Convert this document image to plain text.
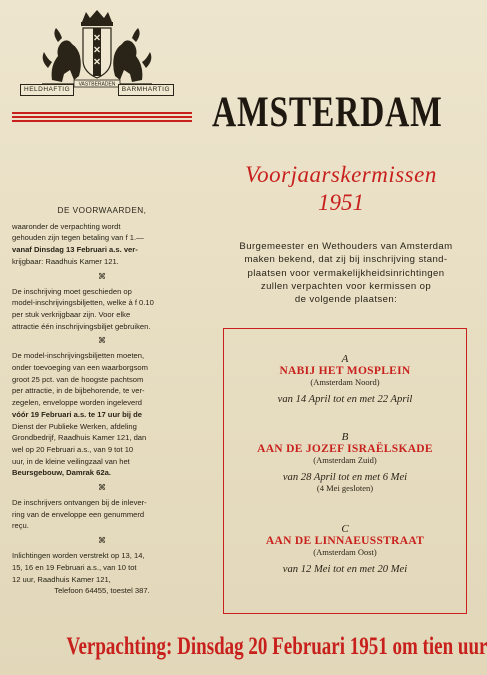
VASTBERADEN
HELDHAFTIG	BARMHARTIG AMSTERDAM
Voorjaarskermissen
1951
Burgemeester en Wethouders van Amsterdam
maken bekend, dat zij bij inschrijving stand-
plaatsen voor vermakelijkheidsinrichtingen
zullen verpachten voor kermissen op
de volgende plaatsen:
DE VOORWAARDEN,
waaronder de verpachting wordt
gehouden zijn tegen betaling van f 1.—
vanaf Dinsdag 13 Februari a.s. ver-
krijgbaar: Raadhuis Kamer 121.
⌘
De inschrijving moet geschieden op
model-inschrijvingsbiljetten, welke à f 0.10
per stuk verkrijgbaar zijn. Voor elke
attractie één inschrijvingsbiljet gebruiken.
⌘
De model-inschrijvingsbiljetten moeten,
onder toevoeging van een waarborgsom
groot 25 pct. van de hoogste pachtsom
per attractie, in de bijbehorende, te ver-
zegelen, enveloppe worden ingeleverd
vóór 19 Februari a.s. te 17 uur bij de
Dienst der Publieke Werken, afdeling
Grondbedrijf, Raadhuis Kamer 121, dan
wel op 20 Februari a.s., van 9 tot 10
uur, in de kleine veilingzaal van het
Beursgebouw, Damrak 62a.
⌘
De inschrijvers ontvangen bij de inlever-
ring van de enveloppe een genummerd
reçu.
⌘
Inlichtingen worden verstrekt op 13, 14,
15, 16 en 19 Februari a.s., van 10 tot
12 uur, Raadhuis Kamer 121,
Telefoon 64455, toestel 387.
A
NABIJ HET MOSPLEIN
(Amsterdam Noord)
van 14 April tot en met 22 April
B
AAN DE JOZEF ISRAËLSKADE
(Amsterdam Zuid)
van 28 April tot en met 6 Mei
(4 Mei gesloten)
C
AAN DE LINNAEUSSTRAAT
(Amsterdam Oost)
van 12 Mei tot en met 20 Mei
Verpachting: Dinsdag 20 Februari 1951 om tien uur
